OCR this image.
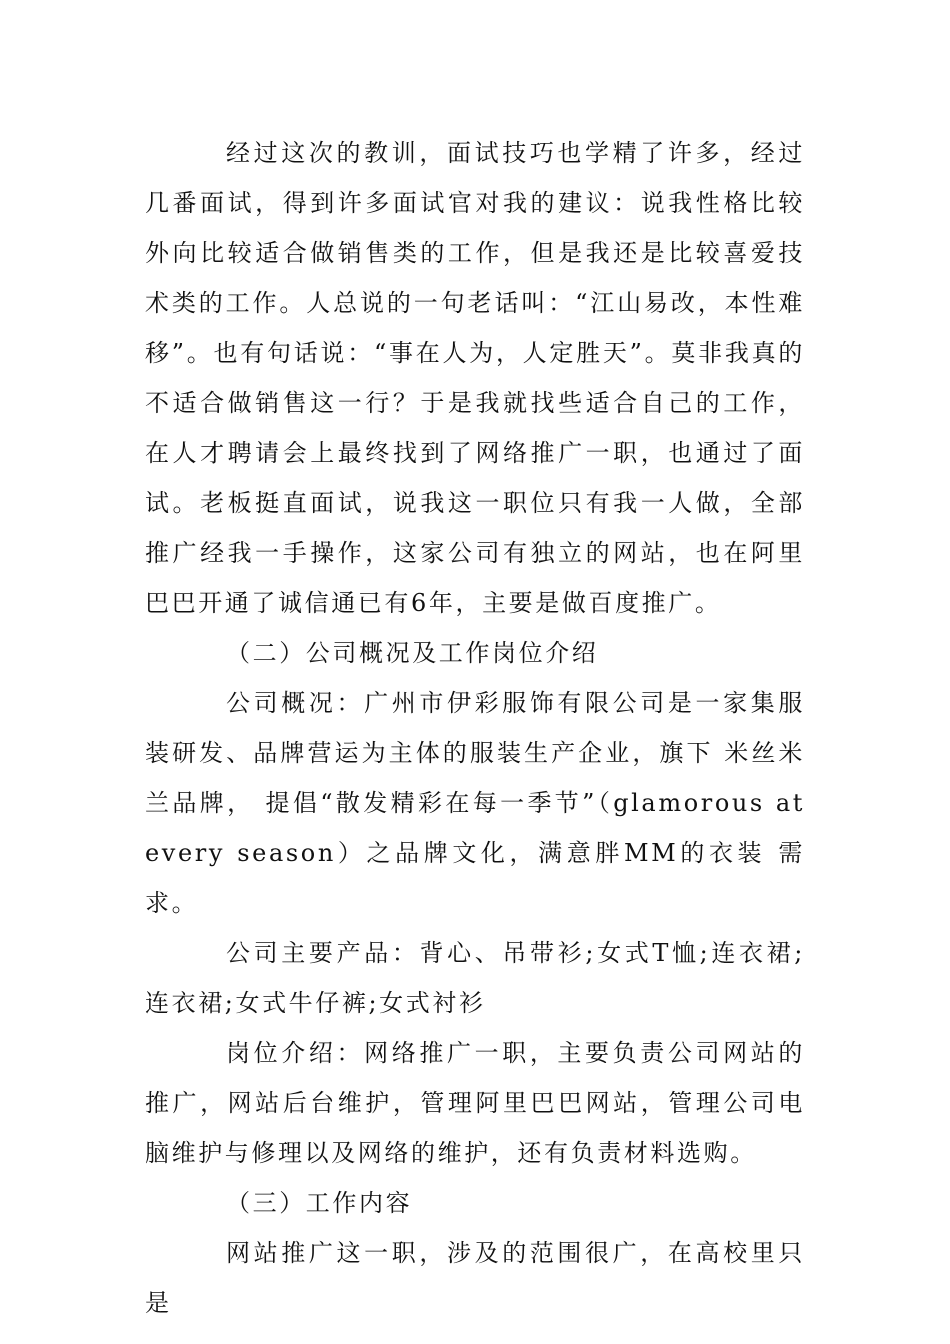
经过这次的教训，面试技巧也学精了许多，经过几番面试，得到许多面试官对我的建议：说我性格比较外向比较适合做销售类的工作，但是我还是比较喜爱技术类的工作。人总说的一句老话叫：“江山易改，本性难移”。也有句话说：“事在人为，人定胜天”。莫非我真的不适合做销售这一行？于是我就找些适合自己的工作，在人才聘请会上最终找到了网络推广一职，也通过了面试。老板挺直面试，说我这一职位只有我一人做，全部推广经我一手操作，这家公司有独立的网站，也在阿里巴巴开通了诚信通已有6年，主要是做百度推广。

（二）公司概况及工作岗位介绍

公司概况：广州市伊彩服饰有限公司是一家集服装研发、品牌营运为主体的服装生产企业，旗下 米丝米兰品牌， 提倡“散发精彩在每一季节”（glamorous at every season）之品牌文化，满意胖MM的衣装 需求。

公司主要产品：背心、吊带衫;女式T恤;连衣裙;连衣裙;女式牛仔裤;女式衬衫

岗位介绍：网络推广一职，主要负责公司网站的推广，网站后台维护，管理阿里巴巴网站，管理公司电脑维护与修理以及网络的维护，还有负责材料选购。

（三）工作内容

网站推广这一职，涉及的范围很广，在高校里只是
